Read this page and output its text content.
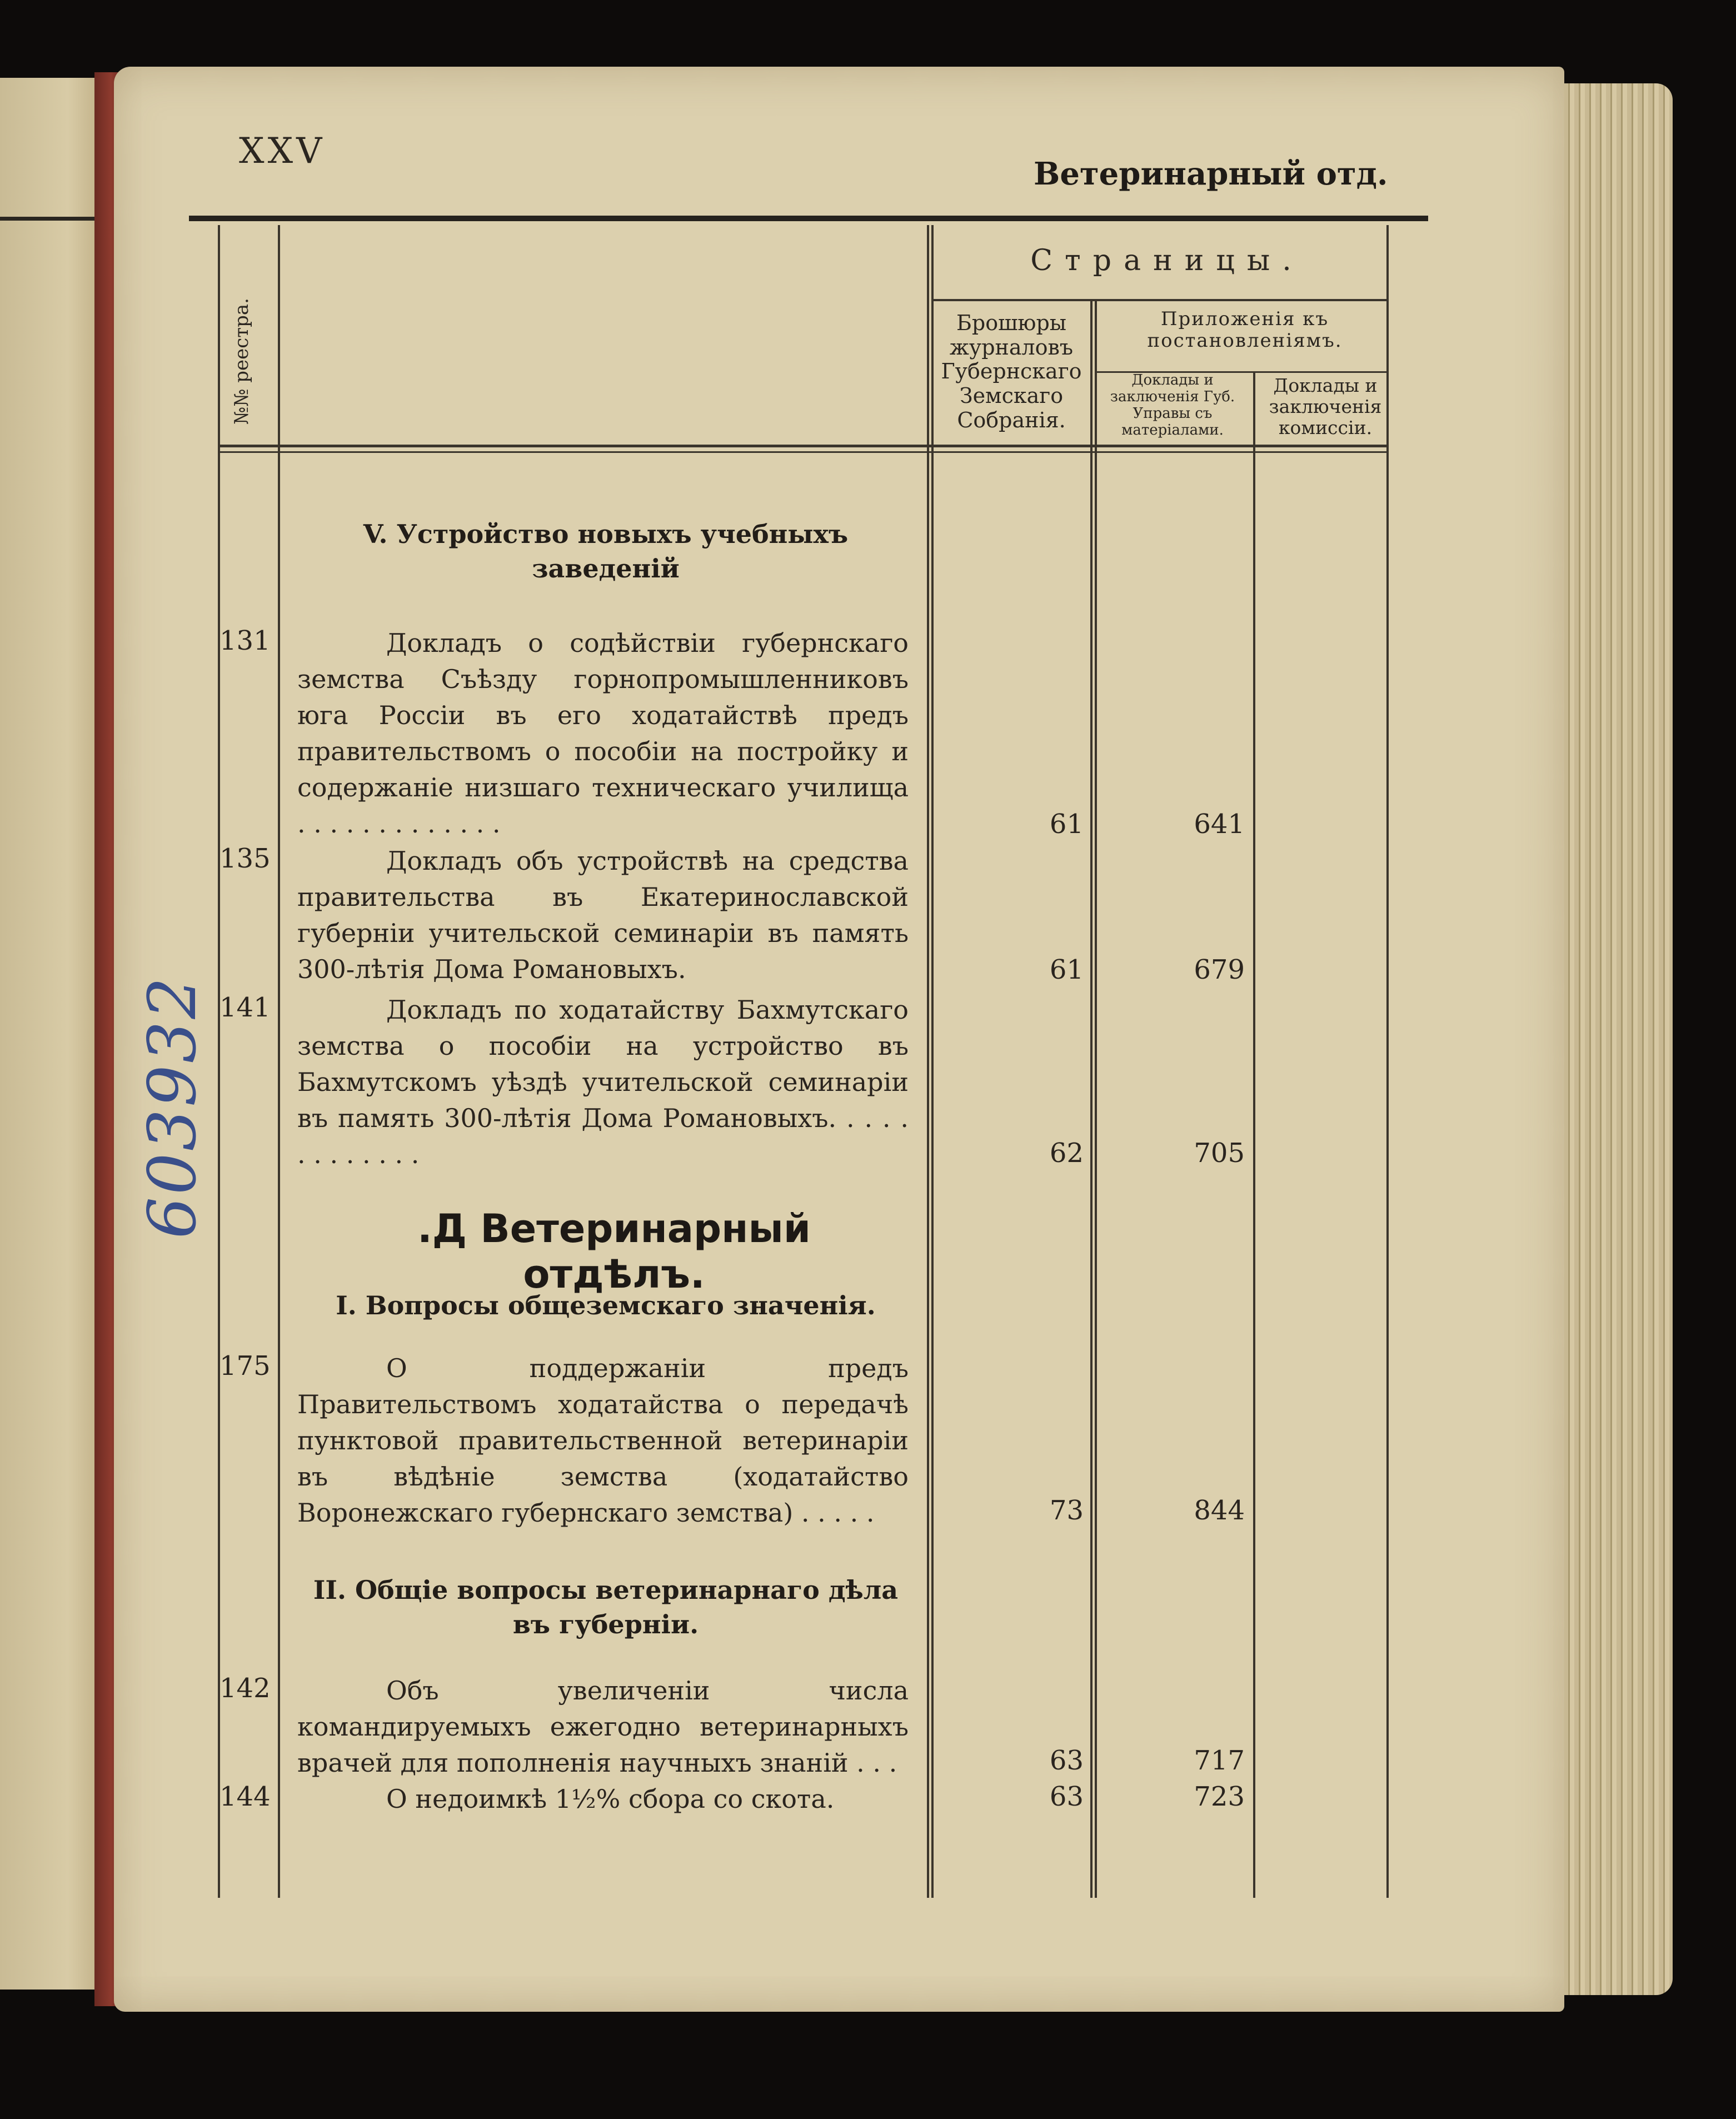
XXV
Ветеринарный отд.
№№ реестра.
Страницы.
Брошюры журналовъ Губернскаго Земскаго Собранія.
Приложенія къ постановленіямъ.
Доклады и заключенія Губ. Управы съ матеріалами.
Доклады и заключенія комиссіи.
V. Устройство новыхъ учебныхъ заведеній
131	Докладъ о содѣйствіи губернскаго земства Съѣзду горнопромышленниковъ юга Россіи въ его ходатайствѣ предъ правительствомъ о пособіи на постройку и содержаніе низшаго техническаго училища . . . . . . . . . . . . .	61	641
135	Докладъ объ устройствѣ на средства правительства въ Екатеринославской губерніи учительской семинаріи въ память 300-лѣтія Дома Романовыхъ.	61	679
141	Докладъ по ходатайству Бахмутскаго земства о пособіи на устройство въ Бахмутскомъ уѣздѣ учительской семинаріи въ память 300-лѣтія Дома Романовыхъ. . . . . . . . . . . . .	62	705
.Д Ветеринарный отдѣлъ.
I. Вопросы общеземскаго значенія.
175	О поддержаніи предъ Правительствомъ ходатайства о передачѣ пунктовой правительственной ветеринаріи въ вѣдѣніе земства (ходатайство Воронежскаго губернскаго земства) . . . . .	73	844
II. Общіе вопросы ветеринарнаго дѣла въ губерніи.
142	Объ увеличеніи числа командируемыхъ ежегодно ветеринарныхъ врачей для пополненія научныхъ знаній . . .	63	717
144	О недоимкѣ 1½% сбора со скота.	63	723
603932
